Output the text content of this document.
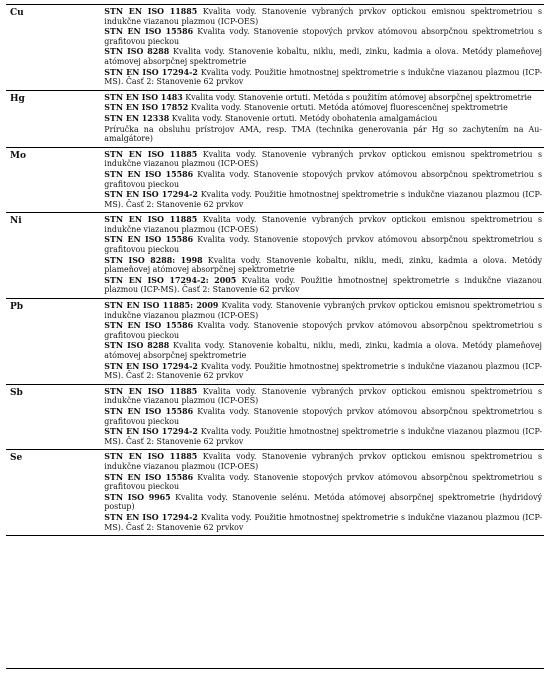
Cu	STN EN ISO 11885 Kvalita vody. Stanovenie vybraných prvkov optickou emisnou spektrometriou s indukčne viazanou plazmou (ICP-OES)
STN EN ISO 15586 Kvalita vody. Stanovenie stopových prvkov atómovou absorpčnou spektrometriou s grafitovou pieckou
STN ISO 8288 Kvalita vody. Stanovenie kobaltu, niklu, medi, zinku, kadmia a olova. Metódy plameňovej atómovej absorpčnej spektrometrie
STN EN ISO 17294-2 Kvalita vody. Použitie hmotnostnej spektrometrie s indukčne viazanou plazmou (ICP-MS). Časť 2: Stanovenie 62 prvkov

Hg	STN EN ISO 1483 Kvalita vody. Stanovenie ortuti. Metóda s použitím atómovej absorpčnej spektrometrie
STN EN ISO 17852 Kvalita vody. Stanovenie ortuti. Metóda atómovej fluorescenčnej spektrometrie
STN EN 12338 Kvalita vody. Stanovenie ortuti. Metódy obohatenia amalgamáciou
Príručka na obsluhu prístrojov AMA, resp. TMA (technika generovania pár Hg so zachytením na Au-amalgátore)

Mo	STN EN ISO 11885 Kvalita vody. Stanovenie vybraných prvkov optickou emisnou spektrometriou s indukčne viazanou plazmou (ICP-OES)
STN EN ISO 15586 Kvalita vody. Stanovenie stopových prvkov atómovou absorpčnou spektrometriou s grafitovou pieckou
STN EN ISO 17294-2 Kvalita vody. Použitie hmotnostnej spektrometrie s indukčne viazanou plazmou (ICP-MS). Časť 2: Stanovenie 62 prvkov

Ni	STN EN ISO 11885 Kvalita vody. Stanovenie vybraných prvkov optickou emisnou spektrometriou s indukčne viazanou plazmou (ICP-OES)
STN EN ISO 15586 Kvalita vody. Stanovenie stopových prvkov atómovou absorpčnou spektrometriou s grafitovou pieckou
STN ISO 8288: 1998 Kvalita vody. Stanovenie kobaltu, niklu, medi, zinku, kadmia a olova. Metódy plameňovej atómovej absorpčnej spektrometrie
STN EN ISO 17294-2: 2005 Kvalita vody. Použitie hmotnostnej spektrometrie s indukčne viazanou plazmou (ICP-MS). Časť 2: Stanovenie 62 prvkov

Pb	STN EN ISO 11885: 2009 Kvalita vody. Stanovenie vybraných prvkov optickou emisnou spektrometriou s indukčne viazanou plazmou (ICP-OES)
STN EN ISO 15586 Kvalita vody. Stanovenie stopových prvkov atómovou absorpčnou spektrometriou s grafitovou pieckou
STN ISO 8288 Kvalita vody. Stanovenie kobaltu, niklu, medi, zinku, kadmia a olova. Metódy plameňovej atómovej absorpčnej spektrometrie
STN EN ISO 17294-2 Kvalita vody. Použitie hmotnostnej spektrometrie s indukčne viazanou plazmou (ICP-MS). Časť 2: Stanovenie 62 prvkov

Sb	STN EN ISO 11885 Kvalita vody. Stanovenie vybraných prvkov optickou emisnou spektrometriou s indukčne viazanou plazmou (ICP-OES)
STN EN ISO 15586 Kvalita vody. Stanovenie stopových prvkov atómovou absorpčnou spektrometriou s grafitovou pieckou
STN EN ISO 17294-2 Kvalita vody. Použitie hmotnostnej spektrometrie s indukčne viazanou plazmou (ICP-MS). Časť 2: Stanovenie 62 prvkov

Se	STN EN ISO 11885 Kvalita vody. Stanovenie vybraných prvkov optickou emisnou spektrometriou s indukčne viazanou plazmou (ICP-OES)
STN EN ISO 15586 Kvalita vody. Stanovenie stopových prvkov atómovou absorpčnou spektrometriou s grafitovou pieckou
STN ISO 9965 Kvalita vody. Stanovenie selénu. Metóda atómovej absorpčnej spektrometrie (hydridový postup)
STN EN ISO 17294-2 Kvalita vody. Použitie hmotnostnej spektrometrie s indukčne viazanou plazmou (ICP-MS). Časť 2: Stanovenie 62 prvkov
